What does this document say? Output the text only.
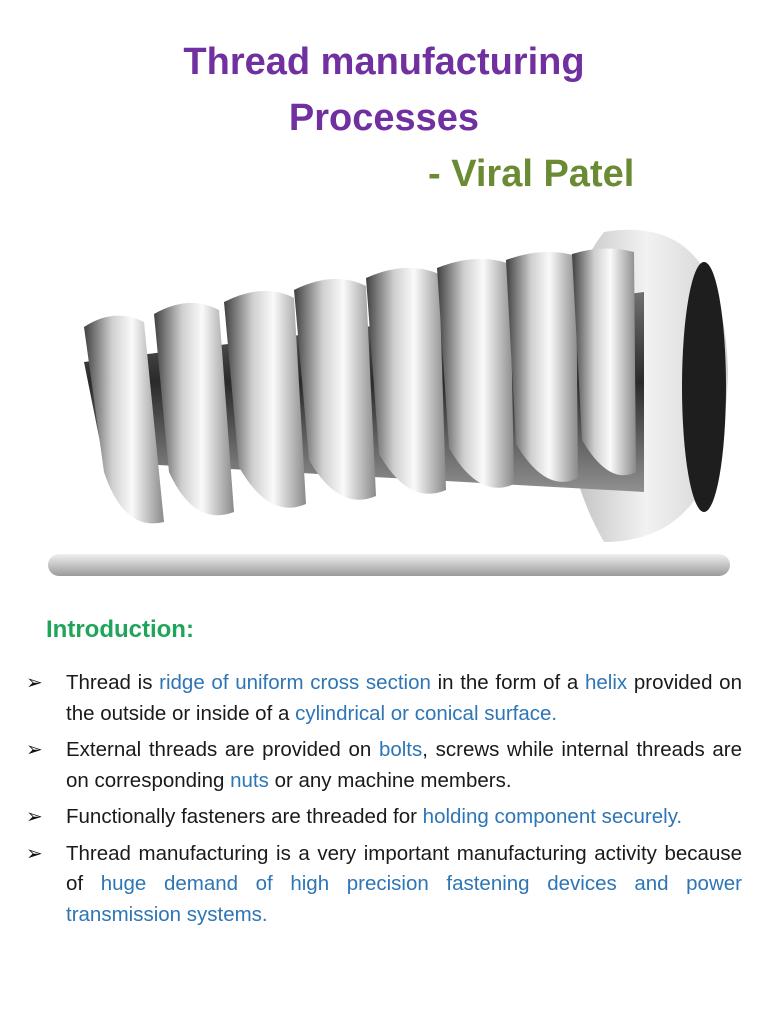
Thread manufacturing
Processes
- Viral Patel
Introduction:
➢	Thread is ridge of uniform cross section in the form of a helix provided on the outside or inside of a cylindrical or conical surface.
➢	External threads are provided on bolts, screws while internal threads are on corresponding nuts or any machine members.
➢	Functionally fasteners are threaded for holding component securely.
➢	Thread manufacturing is a very important manufacturing activity because of huge demand of high precision fastening devices and power transmission systems.
